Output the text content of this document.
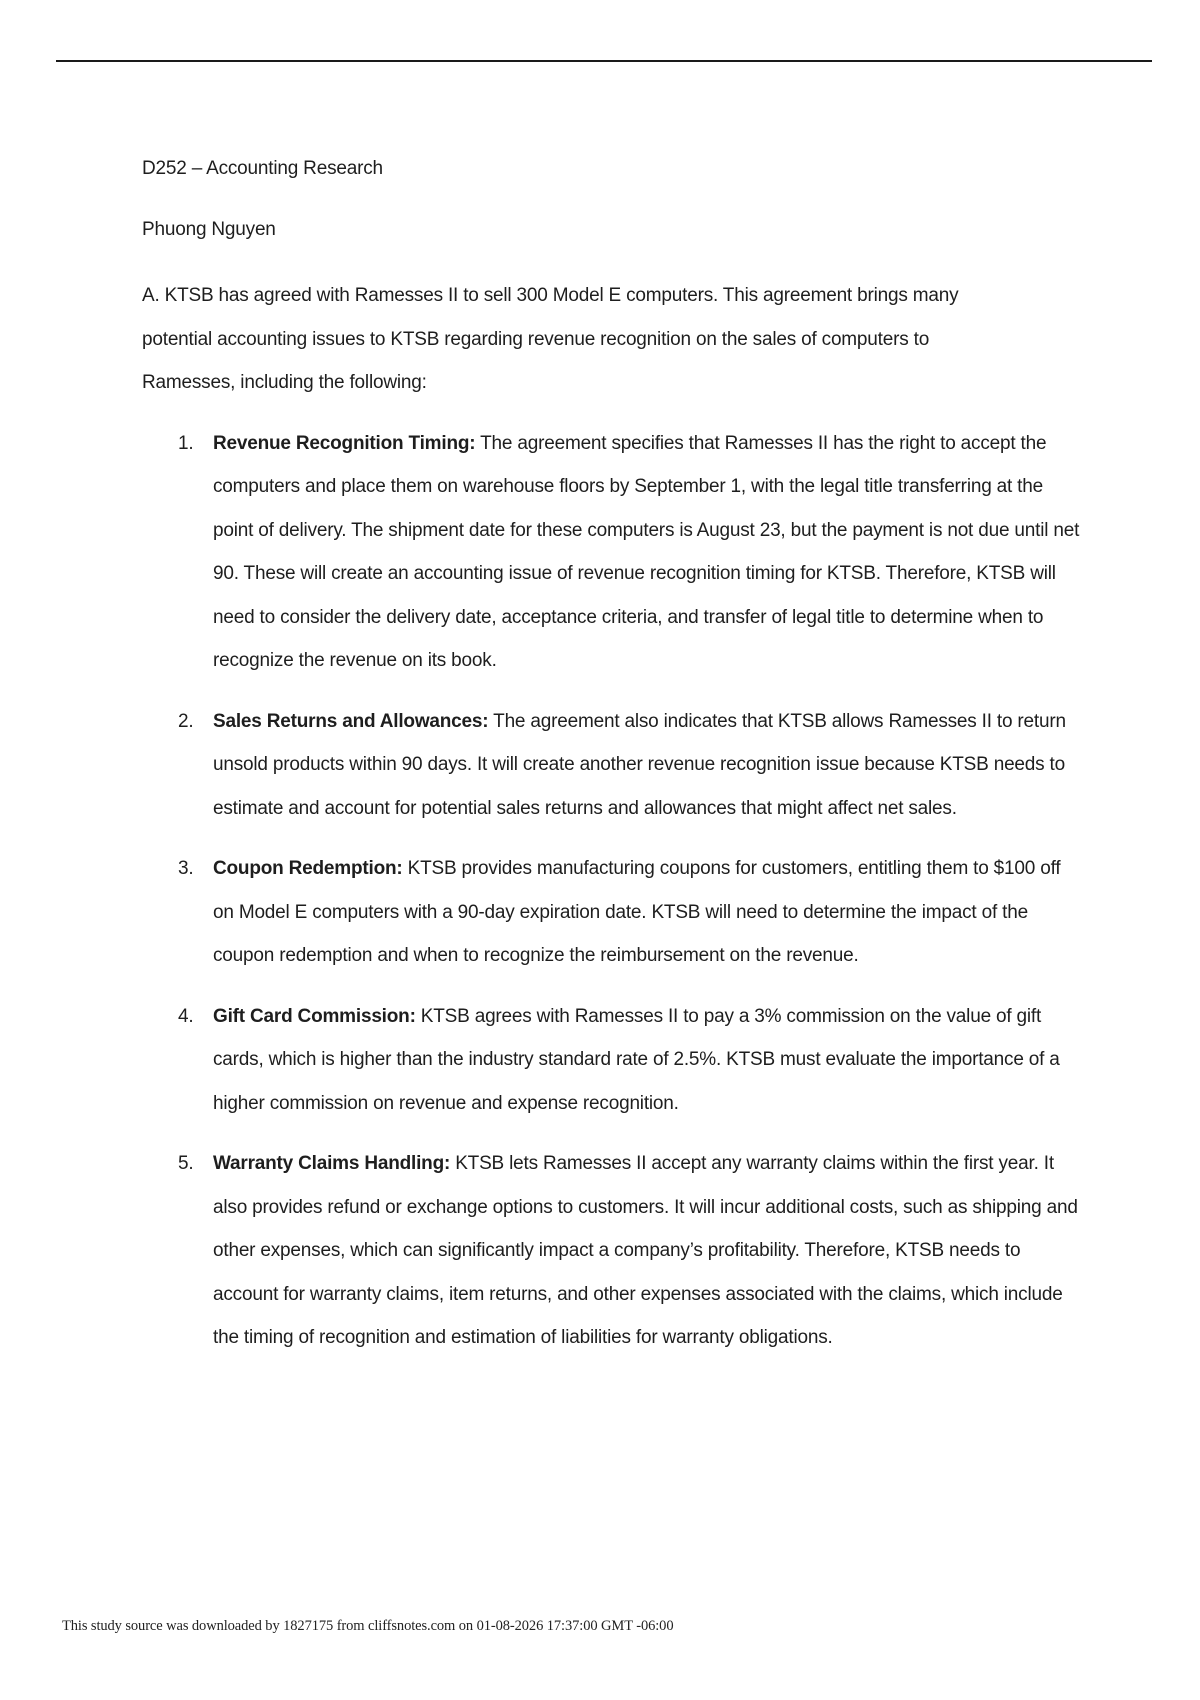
D252 – Accounting Research

Phuong Nguyen

A. KTSB has agreed with Ramesses II to sell 300 Model E computers. This agreement brings many potential accounting issues to KTSB regarding revenue recognition on the sales of computers to Ramesses, including the following:

1. Revenue Recognition Timing: The agreement specifies that Ramesses II has the right to accept the computers and place them on warehouse floors by September 1, with the legal title transferring at the point of delivery. The shipment date for these computers is August 23, but the payment is not due until net 90. These will create an accounting issue of revenue recognition timing for KTSB. Therefore, KTSB will need to consider the delivery date, acceptance criteria, and transfer of legal title to determine when to recognize the revenue on its book.
2. Sales Returns and Allowances: The agreement also indicates that KTSB allows Ramesses II to return unsold products within 90 days. It will create another revenue recognition issue because KTSB needs to estimate and account for potential sales returns and allowances that might affect net sales.
3. Coupon Redemption: KTSB provides manufacturing coupons for customers, entitling them to $100 off on Model E computers with a 90-day expiration date. KTSB will need to determine the impact of the coupon redemption and when to recognize the reimbursement on the revenue.
4. Gift Card Commission: KTSB agrees with Ramesses II to pay a 3% commission on the value of gift cards, which is higher than the industry standard rate of 2.5%. KTSB must evaluate the importance of a higher commission on revenue and expense recognition.
5. Warranty Claims Handling: KTSB lets Ramesses II accept any warranty claims within the first year. It also provides refund or exchange options to customers. It will incur additional costs, such as shipping and other expenses, which can significantly impact a company’s profitability. Therefore, KTSB needs to account for warranty claims, item returns, and other expenses associated with the claims, which include the timing of recognition and estimation of liabilities for warranty obligations.
This study source was downloaded by 1827175 from cliffsnotes.com on 01-08-2026 17:37:00 GMT -06:00
